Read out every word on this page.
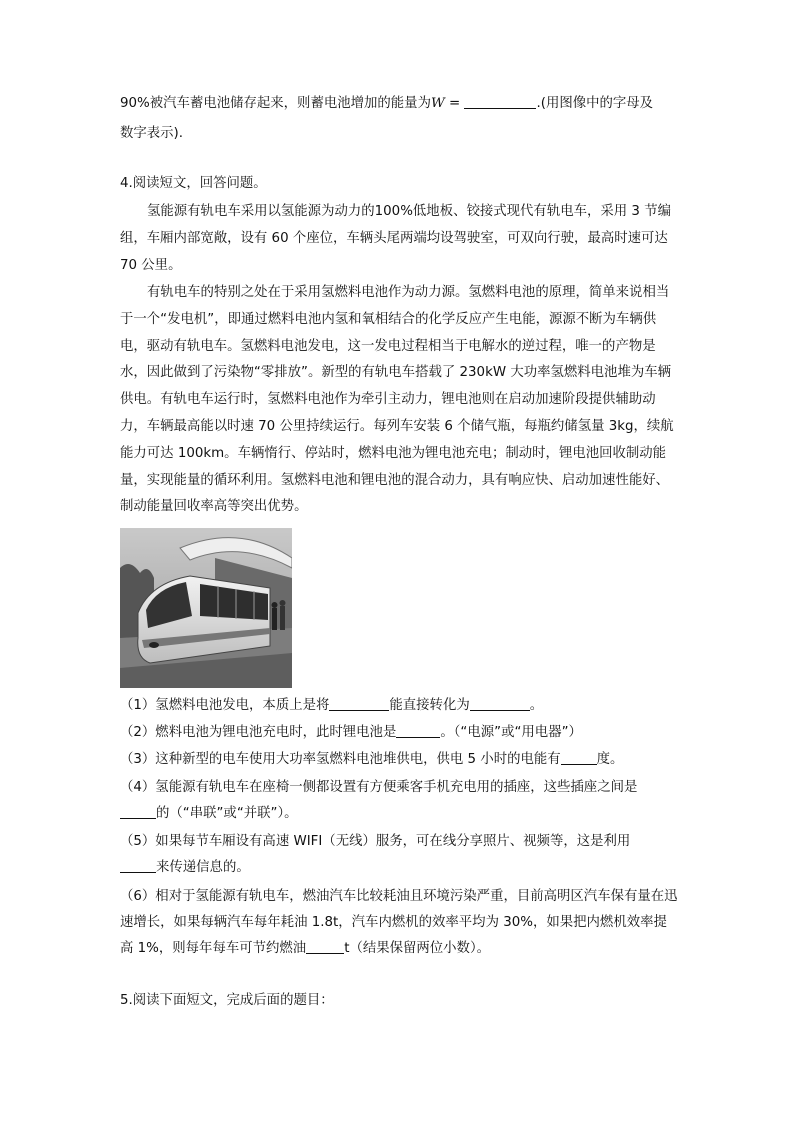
90%被汽车蓄电池储存起来，则蓄电池增加的能量为W =	.(用图像中的字母及
数字表示).
4.阅读短文，回答问题。
氢能源有轨电车采用以氢能源为动力的100%低地板、铰接式现代有轨电车，采用 3 节编组，车厢内部宽敞，设有 60 个座位，车辆头尾两端均设驾驶室，可双向行驶，最高时速可达 70 公里。
有轨电车的特别之处在于采用氢燃料电池作为动力源。氢燃料电池的原理，简单来说相当于一个“发电机”，即通过燃料电池内氢和氧相结合的化学反应产生电能，源源不断为车辆供电，驱动有轨电车。氢燃料电池发电，这一发电过程相当于电解水的逆过程，唯一的产物是水，因此做到了污染物“零排放”。新型的有轨电车搭载了 230kW 大功率氢燃料电池堆为车辆供电。有轨电车运行时，氢燃料电池作为牵引主动力，锂电池则在启动加速阶段提供辅助动力，车辆最高能以时速 70 公里持续运行。每列车安装 6 个储气瓶，每瓶约储氢量 3kg，续航能力可达 100km。车辆惰行、停站时，燃料电池为锂电池充电；制动时，锂电池回收制动能量，实现能量的循环利用。氢燃料电池和锂电池的混合动力，具有响应快、启动加速性能好、制动能量回收率高等突出优势。
（1）氢燃料电池发电，本质上是将	能直接转化为	。
（2）燃料电池为锂电池充电时，此时锂电池是	。（“电源”或“用电器”）
（3）这种新型的电车使用大功率氢燃料电池堆供电，供电 5 小时的电能有	度。
（4）氢能源有轨电车在座椅一侧都设置有方便乘客手机充电用的插座，这些插座之间是
的（“串联”或“并联”）。
（5）如果每节车厢设有高速 WIFI（无线）服务，可在线分享照片、视频等，这是利用
来传递信息的。
（6）相对于氢能源有轨电车，燃油汽车比较耗油且环境污染严重，目前高明区汽车保有量在迅速增长，如果每辆汽车每年耗油 1.8t，汽车内燃机的效率平均为 30%，如果把内燃机效率提高 1%，则每年每车可节约燃油	t（结果保留两位小数）。
5.阅读下面短文，完成后面的题目：
